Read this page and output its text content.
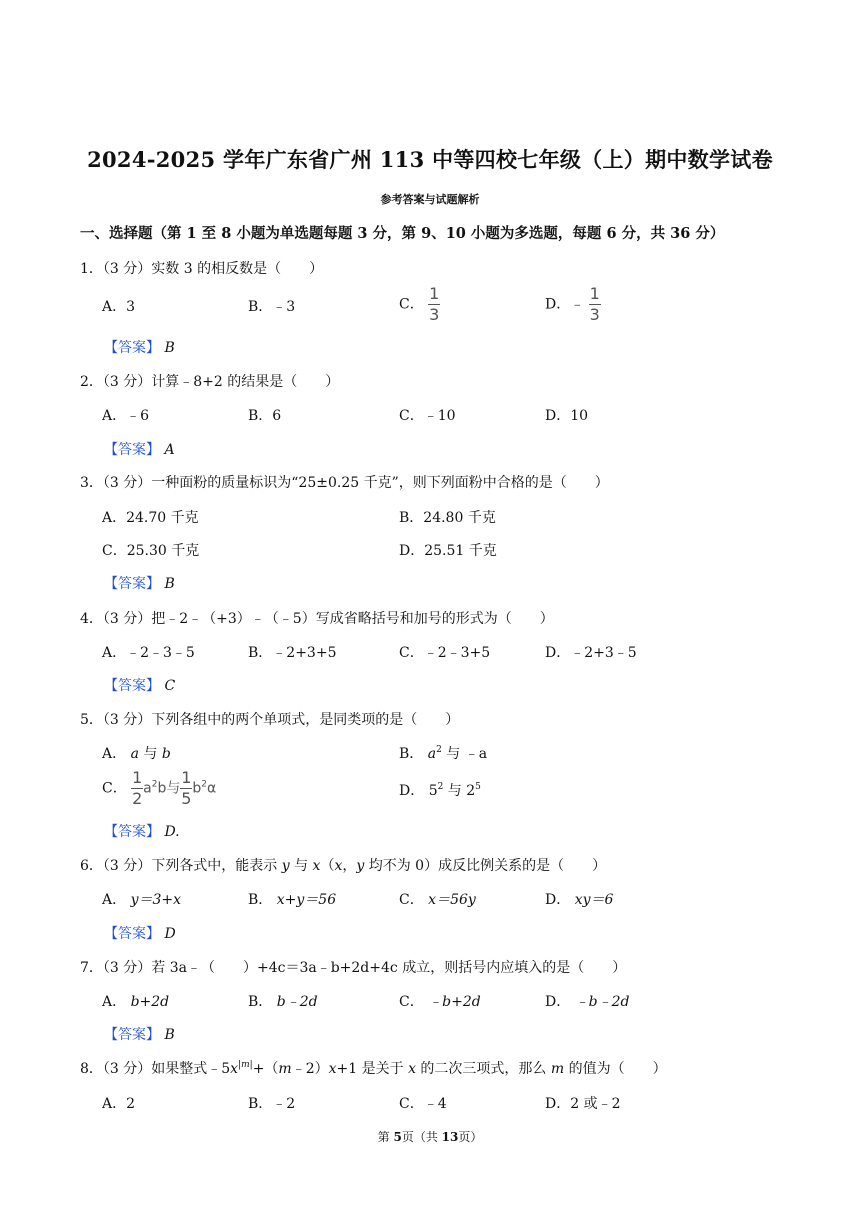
2024-2025 学年广东省广州 113 中等四校七年级（上）期中数学试卷
参考答案与试题解析
一、选择题（第 1 至 8 小题为单选题每题 3 分，第 9、10 小题为多选题，每题 6 分，共 36 分）
1．（3 分）实数 3 的相反数是（　　）
A．3	B．﹣3	C． $\frac{1}{3}$	D．﹣ $\frac{1}{3}$
【答案】 B
2．（3 分）计算﹣8+2 的结果是（　　）
A．﹣6	B．6	C．﹣10	D．10
【答案】 A
3．（3 分）一种面粉的质量标识为“25±0.25 千克”，则下列面粉中合格的是（　　）
A．24.70 千克	B．24.80 千克
C．25.30 千克	D．25.51 千克
【答案】 B
4．（3 分）把﹣2﹣（+3）﹣（﹣5）写成省略括号和加号的形式为（　　）
A．﹣2﹣3﹣5	B．﹣2+3+5	C．﹣2﹣3+5	D．﹣2+3﹣5
【答案】 C
5．（3 分）下列各组中的两个单项式，是同类项的是（　　）
A． a 与 b	B． $a^2$ 与 ﹣a
C． $\frac{1}{2} a^2b$与 $\frac{1}{5} b^2\alpha$	D． $5^2$ 与 $2^5$
【答案】 D.
6．（3 分）下列各式中，能表示 y 与 x（x，y 均不为 0）成反比例关系的是（　　）
A． y＝3+x	B． x+y＝56	C． x＝56y	D． xy＝6
【答案】 D
7．（3 分）若 3a﹣（　　）+4c＝3a﹣b+2d+4c 成立，则括号内应填入的是（　　）
A． b+2d	B． b﹣2d	C． ﹣b+2d	D． ﹣b﹣2d
【答案】 B
8．（3 分）如果整式$﹣5x^{|m|}+(m﹣2)x+1$ 是关于 x 的二次三项式，那么 m 的值为（　　）
A．2	B．﹣2	C．﹣4	D．2 或﹣2
第 5页（共 13页）
